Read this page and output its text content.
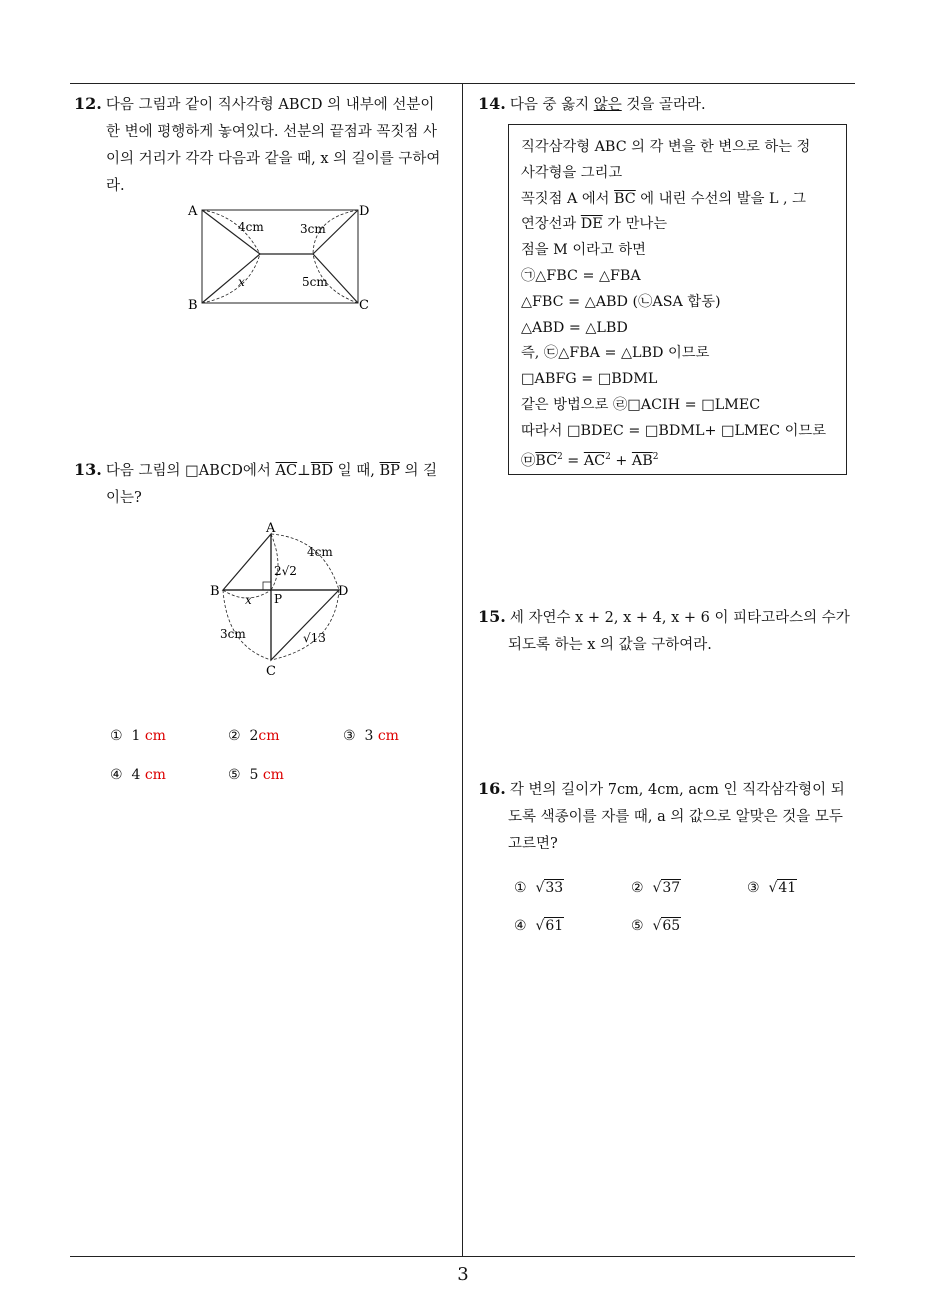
12. 다음 그림과 같이 직사각형 ABCD 의 내부에 선분이
한 변에 평행하게 놓여있다. 선분의 끝점과 꼭짓점 사
이의 거리가 각각 다음과 같을 때, x 의 길이를 구하여
라.
A
B	C
D
4cm	3cm
5cm
x
13. 다음 그림의 □ABCD에서 $\overline{AC}\perp\overline{BD}$ 일 때, $\overline{BP}$ 의 길
이는?
A
B
C
D
P
4cm
2√2
3cm	√13
x
① 1 cm	② 2cm	③ 3 cm
④ 4 cm	⑤ 5 cm
14. 다음 중 옳지 않은 것을 골라라.
직각삼각형 ABC 의 각 변을 한 변으로 하는 정
사각형을 그리고
꼭짓점 A 에서 $\overline{BC}$ 에 내린 수선의 발을 L , 그
연장선과 $\overline{DE}$ 가 만나는
점을 M 이라고 하면
㉠△FBC = △FBA
△FBC = △ABD (㉡ASA 합동)
△ABD = △LBD
즉, ㉢△FBA = △LBD 이므로
□ABFG = □BDML
같은 방법으로 ㉣□ACIH = □LMEC
따라서 □BDEC = □BDML+ □LMEC 이므로
$㉤\overline{BC}^2 = \overline{AC}^2 + \overline{AB}^2$
15. 세 자연수 x + 2, x + 4, x + 6 이 피타고라스의 수가
되도록 하는 x 의 값을 구하여라.
16. 각 변의 길이가 7cm, 4cm, acm 인 직각삼각형이 되
도록 색종이를 자를 때, a 의 값으로 알맞은 것을 모두
고르면?
① √33	② √37	③ √41
④ √61	⑤ √65
3
